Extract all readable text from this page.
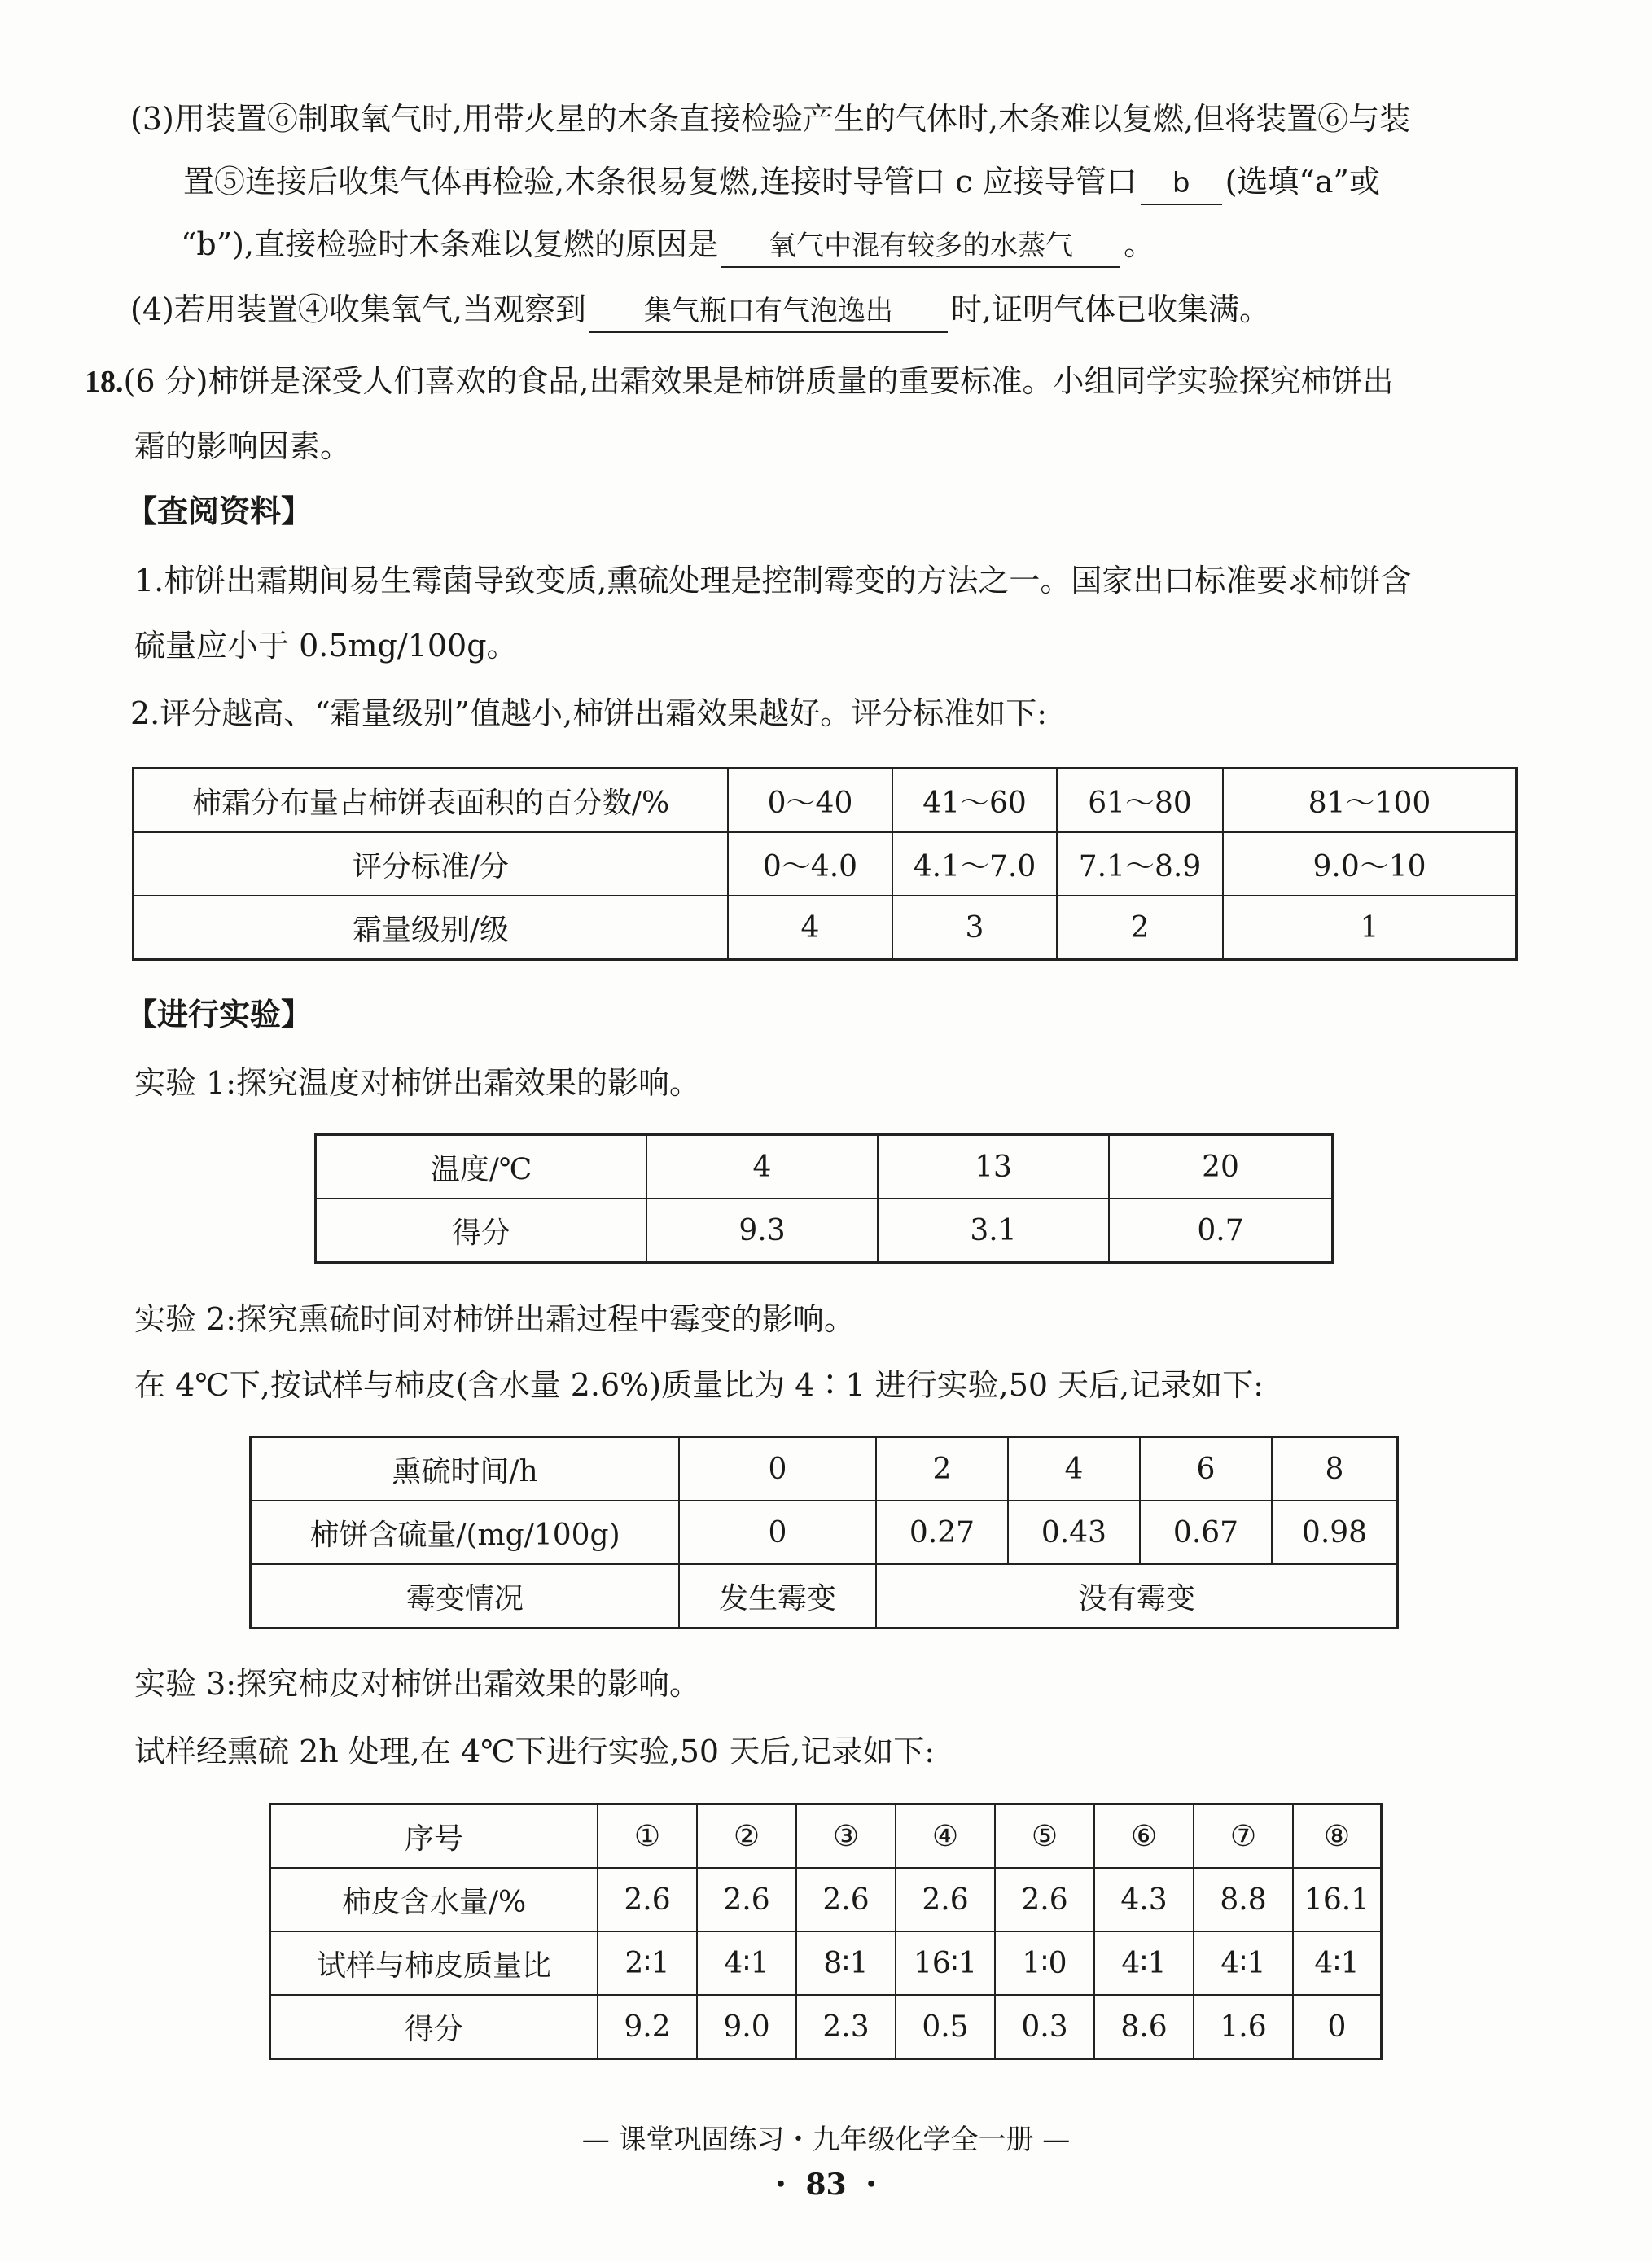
(3)用装置⑥制取氧气时,用带火星的木条直接检验产生的气体时,木条难以复燃,但将装置⑥与装
置⑤连接后收集气体再检验,木条很易复燃,连接时导管口 c 应接导管口 b (选填“a”或
“b”),直接检验时木条难以复燃的原因是 氧气中混有较多的水蒸气 。
(4)若用装置④收集氧气,当观察到 集气瓶口有气泡逸出 时,证明气体已收集满。
18.(6 分)柿饼是深受人们喜欢的食品,出霜效果是柿饼质量的重要标准。小组同学实验探究柿饼出
霜的影响因素。
【查阅资料】
1.柿饼出霜期间易生霉菌导致变质,熏硫处理是控制霉变的方法之一。国家出口标准要求柿饼含
硫量应小于 0.5mg/100g。
2.评分越高、“霜量级别”值越小,柿饼出霜效果越好。评分标准如下:
柿霜分布量占柿饼表面积的百分数/%	0～40	41～60	61～80	81～100
评分标准/分	0～4.0	4.1～7.0	7.1～8.9	9.0～10
霜量级别/级	4	3	2	1
【进行实验】
实验 1:探究温度对柿饼出霜效果的影响。
温度/℃	4	13	20
得分	9.3	3.1	0.7
实验 2:探究熏硫时间对柿饼出霜过程中霉变的影响。
在 4℃下,按试样与柿皮(含水量 2.6%)质量比为 4∶1 进行实验,50 天后,记录如下:
熏硫时间/h	0	2	4	6	8
柿饼含硫量/(mg/100g)	0	0.27	0.43	0.67	0.98
霉变情况	发生霉变	没有霉变			
实验 3:探究柿皮对柿饼出霜效果的影响。
试样经熏硫 2h 处理,在 4℃下进行实验,50 天后,记录如下:
序号	①	②	③	④	⑤	⑥	⑦	⑧
柿皮含水量/%	2.6	2.6	2.6	2.6	2.6	4.3	8.8	16.1
试样与柿皮质量比	2∶1	4∶1	8∶1	16∶1	1∶0	4∶1	4∶1	4∶1
得分	9.2	9.0	2.3	0.5	0.3	8.6	1.6	0
— 课堂巩固练习・九年级化学全一册 —
・ 83 ・
